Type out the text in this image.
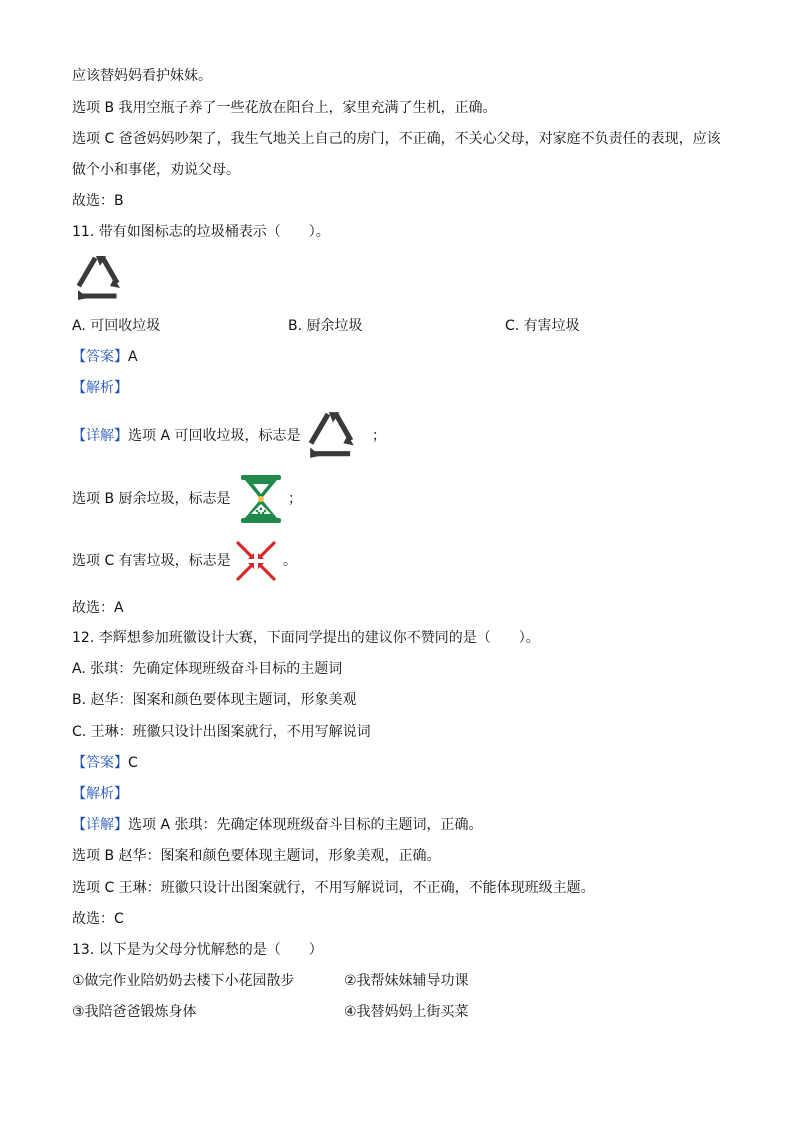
应该替妈妈看护妹妹。
选项 B 我用空瓶子养了一些花放在阳台上，家里充满了生机，正确。
选项 C 爸爸妈妈吵架了，我生气地关上自己的房门，不正确，不关心父母，对家庭不负责任的表现，应该
做个小和事佬，劝说父母。
故选：B
11. 带有如图标志的垃圾桶表示（　　）。
A. 可回收垃圾	B. 厨余垃圾	C. 有害垃圾
【答案】A
【解析】
【详解】选项 A 可回收垃圾，标志是	；
选项 B 厨余垃圾，标志是	；
选项 C 有害垃圾，标志是	。
故选：A
12. 李辉想参加班徽设计大赛，下面同学提出的建议你不赞同的是（　　）。
A. 张琪：先确定体现班级奋斗目标的主题词
B. 赵华：图案和颜色要体现主题词，形象美观
C. 王琳：班徽只设计出图案就行，不用写解说词
【答案】C
【解析】
【详解】选项 A 张琪：先确定体现班级奋斗目标的主题词，正确。
选项 B 赵华：图案和颜色要体现主题词，形象美观，正确。
选项 C 王琳：班徽只设计出图案就行，不用写解说词，不正确，不能体现班级主题。
故选：C
13. 以下是为父母分忧解愁的是（　　）
①做完作业陪奶奶去楼下小花园散步	②我帮妹妹辅导功课
③我陪爸爸锻炼身体	④我替妈妈上街买菜
